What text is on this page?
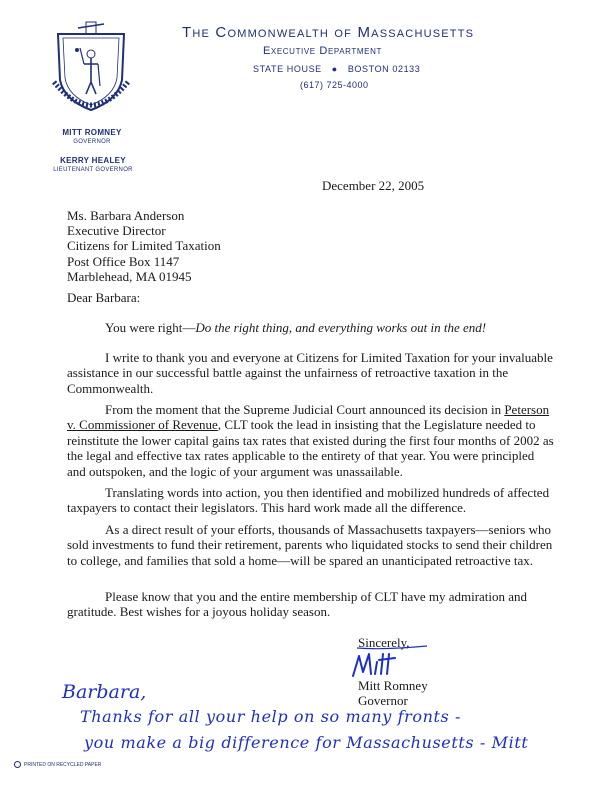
The Commonwealth of Massachusetts
Executive Department
STATE HOUSE ● BOSTON 02133
(617) 725-4000
MITT ROMNEY
GOVERNOR
KERRY HEALEY
LIEUTENANT GOVERNOR
December 22, 2005
Ms. Barbara Anderson
Executive Director
Citizens for Limited Taxation
Post Office Box 1147
Marblehead, MA 01945
Dear Barbara:
You were right—Do the right thing, and everything works out in the end!
I write to thank you and everyone at Citizens for Limited Taxation for your invaluable assistance in our successful battle against the unfairness of retroactive taxation in the Commonwealth.
From the moment that the Supreme Judicial Court announced its decision in Peterson v. Commissioner of Revenue, CLT took the lead in insisting that the Legislature needed to reinstitute the lower capital gains tax rates that existed during the first four months of 2002 as the legal and effective tax rates applicable to the entirety of that year. You were principled and outspoken, and the logic of your argument was unassailable.
Translating words into action, you then identified and mobilized hundreds of affected taxpayers to contact their legislators. This hard work made all the difference.
As a direct result of your efforts, thousands of Massachusetts taxpayers—seniors who sold investments to fund their retirement, parents who liquidated stocks to send their children to college, and families that sold a home—will be spared an unanticipated retroactive tax.
Please know that you and the entire membership of CLT have my admiration and gratitude. Best wishes for a joyous holiday season.
Sincerely,
Mitt Romney
Governor
Barbara,
Thanks for all your help on so many fronts -
you make a big difference for Massachusetts - Mitt
PRINTED ON RECYCLED PAPER
